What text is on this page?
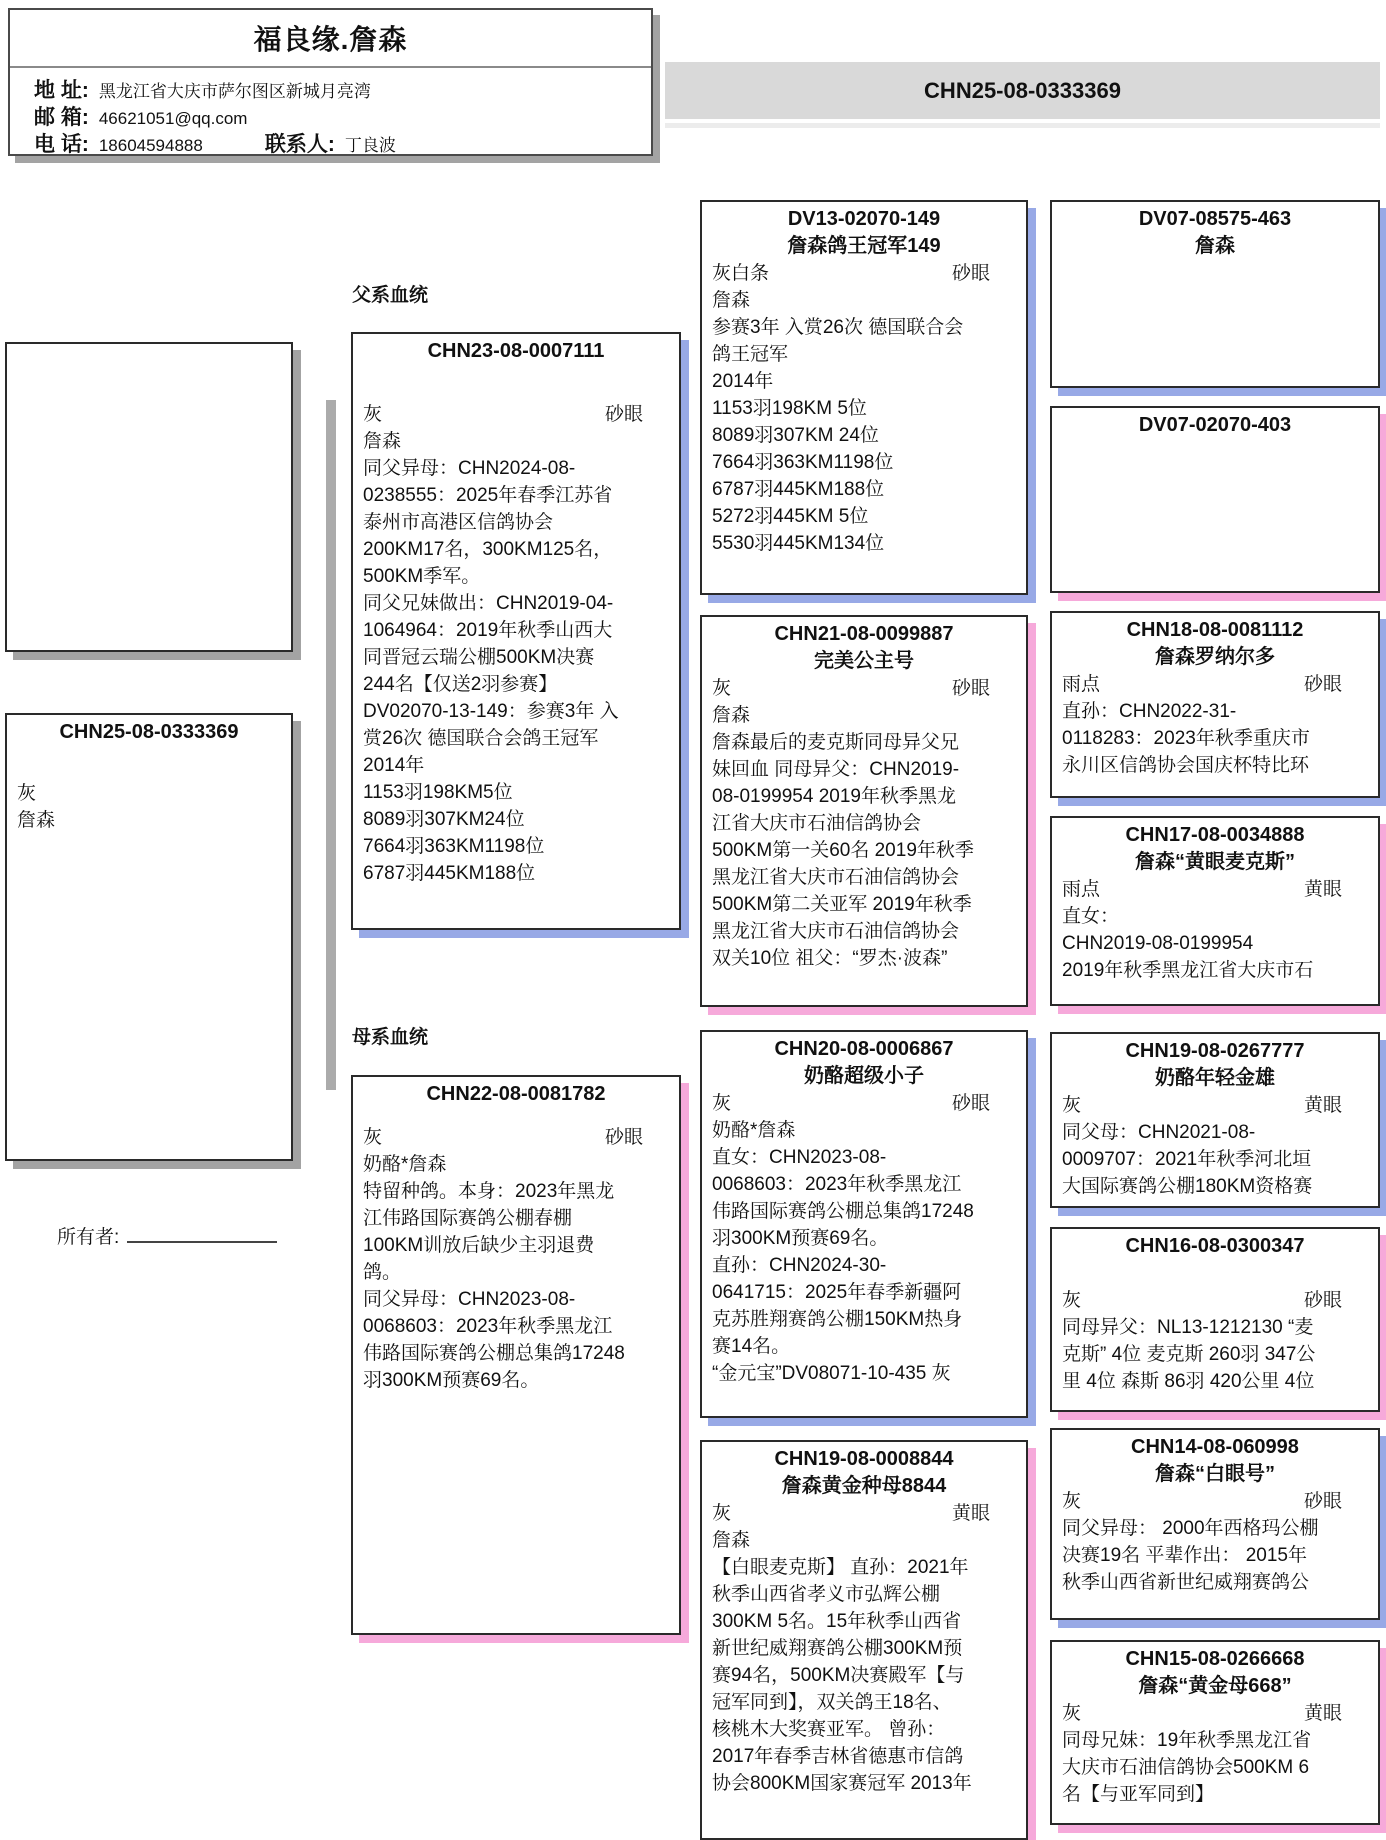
福良缘.詹森
地 址: 黑龙江省大庆市萨尔图区新城月亮湾
邮 箱: 46621051@qq.com
电 话: 18604594888	联系人: 丁良波
CHN25-08-0333369
CHN25-08-0333369
灰
詹森
所有者:
父系血统
CHN23-08-0007111
灰	砂眼
詹森
同父异母：CHN2024-08-
0238555：2025年春季江苏省
泰州市高港区信鸽协会
200KM17名，300KM125名，
500KM季军。
同父兄妹做出：CHN2019-04-
1064964：2019年秋季山西大
同晋冠云瑞公棚500KM决赛
244名【仅送2羽参赛】
DV02070-13-149：参赛3年 入
赏26次 德国联合会鸽王冠军
2014年
1153羽198KM5位
8089羽307KM24位
7664羽363KM1198位
6787羽445KM188位
母系血统
CHN22-08-0081782
灰	砂眼
奶酪*詹森
特留种鸽。本身：2023年黑龙
江伟路国际赛鸽公棚春棚
100KM训放后缺少主羽退费
鸽。
同父异母：CHN2023-08-
0068603：2023年秋季黑龙江
伟路国际赛鸽公棚总集鸽17248
羽300KM预赛69名。
DV13-02070-149
詹森鸽王冠军149
灰白条	砂眼
詹森
参赛3年 入赏26次 德国联合会
鸽王冠军
2014年
1153羽198KM 5位
8089羽307KM 24位
7664羽363KM1198位
6787羽445KM188位
5272羽445KM 5位
5530羽445KM134位
CHN21-08-0099887
完美公主号
灰	砂眼
詹森
詹森最后的麦克斯同母异父兄
妹回血 同母异父：CHN2019-
08-0199954 2019年秋季黑龙
江省大庆市石油信鸽协会
500KM第一关60名 2019年秋季
黑龙江省大庆市石油信鸽协会
500KM第二关亚军 2019年秋季
黑龙江省大庆市石油信鸽协会
双关10位 祖父：“罗杰·波森”
CHN20-08-0006867
奶酪超级小子
灰	砂眼
奶酪*詹森
直女：CHN2023-08-
0068603：2023年秋季黑龙江
伟路国际赛鸽公棚总集鸽17248
羽300KM预赛69名。
直孙：CHN2024-30-
0641715：2025年春季新疆阿
克苏胜翔赛鸽公棚150KM热身
赛14名。
“金元宝”DV08071-10-435 灰
CHN19-08-0008844
詹森黄金种母8844
灰	黄眼
詹森
【白眼麦克斯】 直孙：2021年
秋季山西省孝义市弘辉公棚
300KM 5名。15年秋季山西省
新世纪威翔赛鸽公棚300KM预
赛94名，500KM决赛殿军【与
冠军同到】，双关鸽王18名、
核桃木大奖赛亚军。 曾孙：
2017年春季吉林省德惠市信鸽
协会800KM国家赛冠军 2013年
DV07-08575-463
詹森
DV07-02070-403
CHN18-08-0081112
詹森罗纳尔多
雨点	砂眼
直孙：CHN2022-31-
0118283：2023年秋季重庆市
永川区信鸽协会国庆杯特比环
CHN17-08-0034888
詹森“黄眼麦克斯”
雨点	黄眼
直女：
CHN2019-08-0199954
2019年秋季黑龙江省大庆市石
CHN19-08-0267777
奶酪年轻金雄
灰	黄眼
同父母：CHN2021-08-
0009707：2021年秋季河北垣
大国际赛鸽公棚180KM资格赛
CHN16-08-0300347
灰	砂眼
同母异父：NL13-1212130 “麦
克斯” 4位 麦克斯 260羽 347公
里 4位 森斯 86羽 420公里 4位
CHN14-08-060998
詹森“白眼号”
灰	砂眼
同父异母： 2000年西格玛公棚
决赛19名 平辈作出： 2015年
秋季山西省新世纪威翔赛鸽公
CHN15-08-0266668
詹森“黄金母668”
灰	黄眼
同母兄妹：19年秋季黑龙江省
大庆市石油信鸽协会500KM 6
名【与亚军同到】
